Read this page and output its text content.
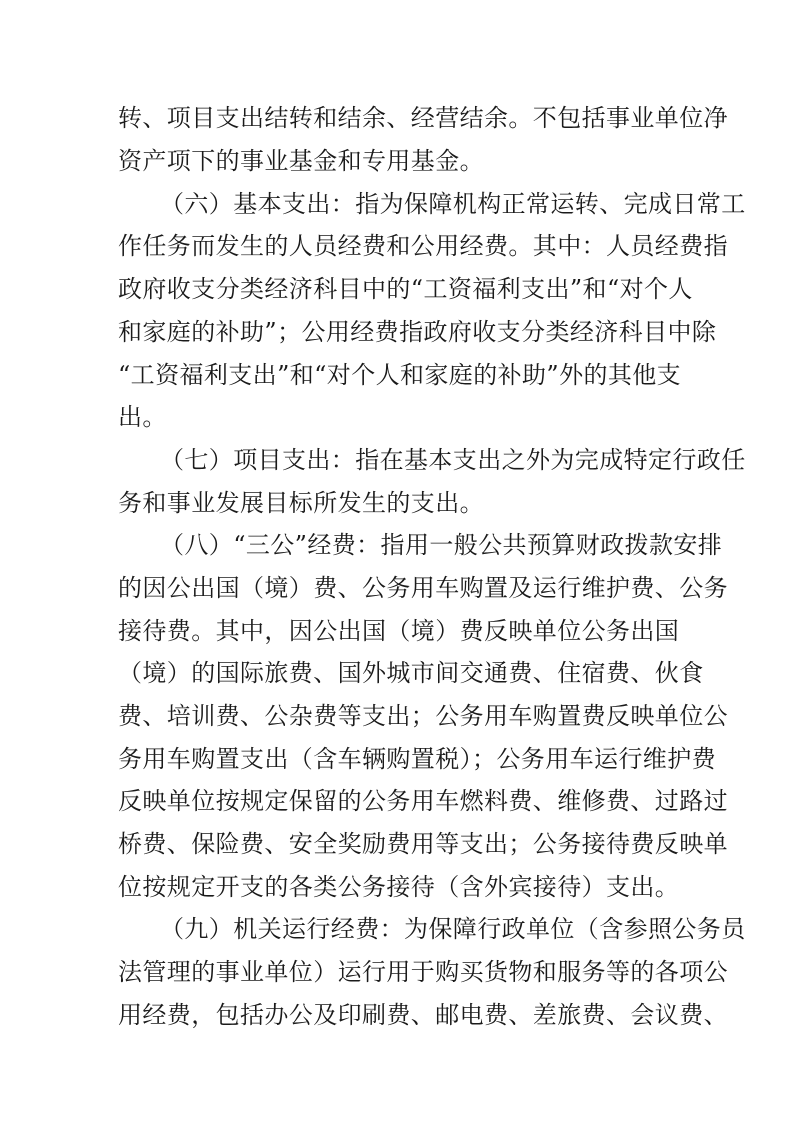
转、项目支出结转和结余、经营结余。不包括事业单位净
资产项下的事业基金和专用基金。
（六）基本支出：指为保障机构正常运转、完成日常工
作任务而发生的人员经费和公用经费。其中：人员经费指
政府收支分类经济科目中的“工资福利支出”和“对个人
和家庭的补助”；公用经费指政府收支分类经济科目中除
“工资福利支出”和“对个人和家庭的补助”外的其他支
出。
（七）项目支出：指在基本支出之外为完成特定行政任
务和事业发展目标所发生的支出。
（八）“三公”经费：指用一般公共预算财政拨款安排
的因公出国（境）费、公务用车购置及运行维护费、公务
接待费。其中，因公出国（境）费反映单位公务出国
（境）的国际旅费、国外城市间交通费、住宿费、伙食
费、培训费、公杂费等支出；公务用车购置费反映单位公
务用车购置支出（含车辆购置税）；公务用车运行维护费
反映单位按规定保留的公务用车燃料费、维修费、过路过
桥费、保险费、安全奖励费用等支出；公务接待费反映单
位按规定开支的各类公务接待（含外宾接待）支出。
（九）机关运行经费：为保障行政单位（含参照公务员
法管理的事业单位）运行用于购买货物和服务等的各项公
用经费，包括办公及印刷费、邮电费、差旅费、会议费、
